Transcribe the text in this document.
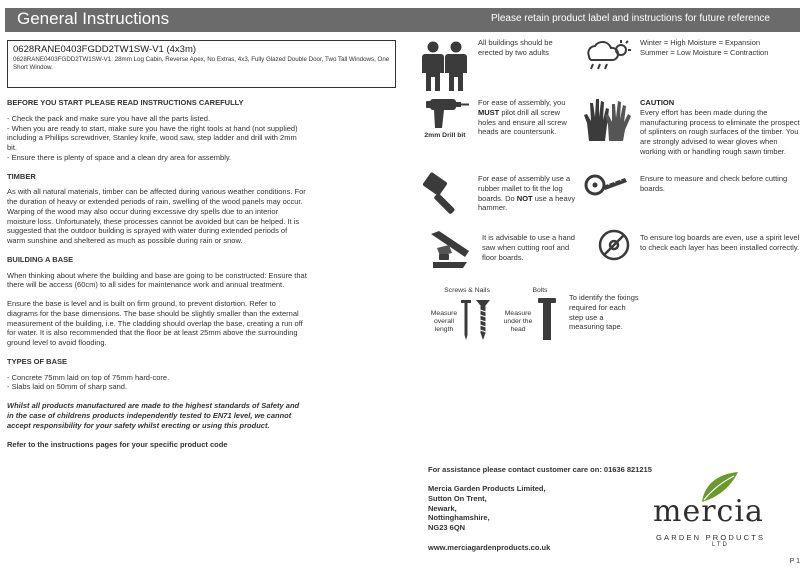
General Instructions	Please retain product label and instructions for future reference
0628RANE0403FGDD2TW1SW-V1 (4x3m)
0628RANE0403FGDD2TW1SW-V1: 28mm Log Cabin, Reverse Apex, No Extras, 4x3, Fully Glazed Double Door, Two Tall Windows, One Short Window.
BEFORE YOU START PLEASE READ INSTRUCTIONS CAREFULLY
- Check the pack and make sure you have all the parts listed.
- When you are ready to start, make sure you have the right tools at hand (not supplied) including a Phillips screwdriver, Stanley knife, wood saw, step ladder and drill with 2mm bit.
- Ensure there is plenty of space and a clean dry area for assembly.
TIMBER
As with all natural materials, timber can be affected during various weather conditions. For the duration of heavy or extended periods of rain, swelling of the wood panels may occur. Warping of the wood may also occur during excessive dry spells due to an interior moisture loss. Unfortunately, these processes cannot be avoided but can be helped. It is suggested that the outdoor building is sprayed with water during extended periods of warm sunshine and sheltered as much as possible during rain or snow.
BUILDING A BASE
When thinking about where the building and base are going to be constructed: Ensure that there will be access (60cm) to all sides for maintenance work and annual treatment.
Ensure the base is level and is built on firm ground, to prevent distortion. Refer to diagrams for the base dimensions. The base should be slightly smaller than the external measurement of the building, i.e. The cladding should overlap the base, creating a run off for water. It is also recommended that the floor be at least 25mm above the surrounding ground level to avoid flooding.
TYPES OF BASE
- Concrete 75mm laid on top of 75mm hard-core.
- Slabs laid on 50mm of sharp sand.
Whilst all products manufactured are made to the highest standards of Safety and in the case of childrens products independently tested to EN71 level, we cannot accept responsibility for your safety whilst erecting or using this product.
Refer to the instructions pages for your specific product code
All buildings should be erected by two adults
2mm Drill bit
For ease of assembly, you MUST pilot drill all screw holes and ensure all screw heads are countersunk.
For ease of assembly use a rubber mallet to fit the log boards. Do NOT use a heavy hammer.
It is advisable to use a hand saw when cutting roof and floor boards.
Winter = High Moisture = Expansion
Summer = Low Moisture = Contraction
CAUTION
Every effort has been made during the manufacturing process to eliminate the prospect of splinters on rough surfaces of the timber. You are strongly advised to wear gloves when working with or handling rough sawn timber.
Ensure to measure and check before cutting boards.
To ensure log boards are even, use a spirit level to check each layer has been installed correctly.
Screws & Nails	Bolts
Measure overall length
Measure under the head
To identify the fixings required for each step use a measuring tape.
For assistance please contact customer care on: 01636 821215
Mercia Garden Products Limited,
Sutton On Trent,
Newark,
Nottinghamshire,
NG23 6QN
www.merciagardenproducts.co.uk
mercia
GARDEN PRODUCTS
LTD
P 1
